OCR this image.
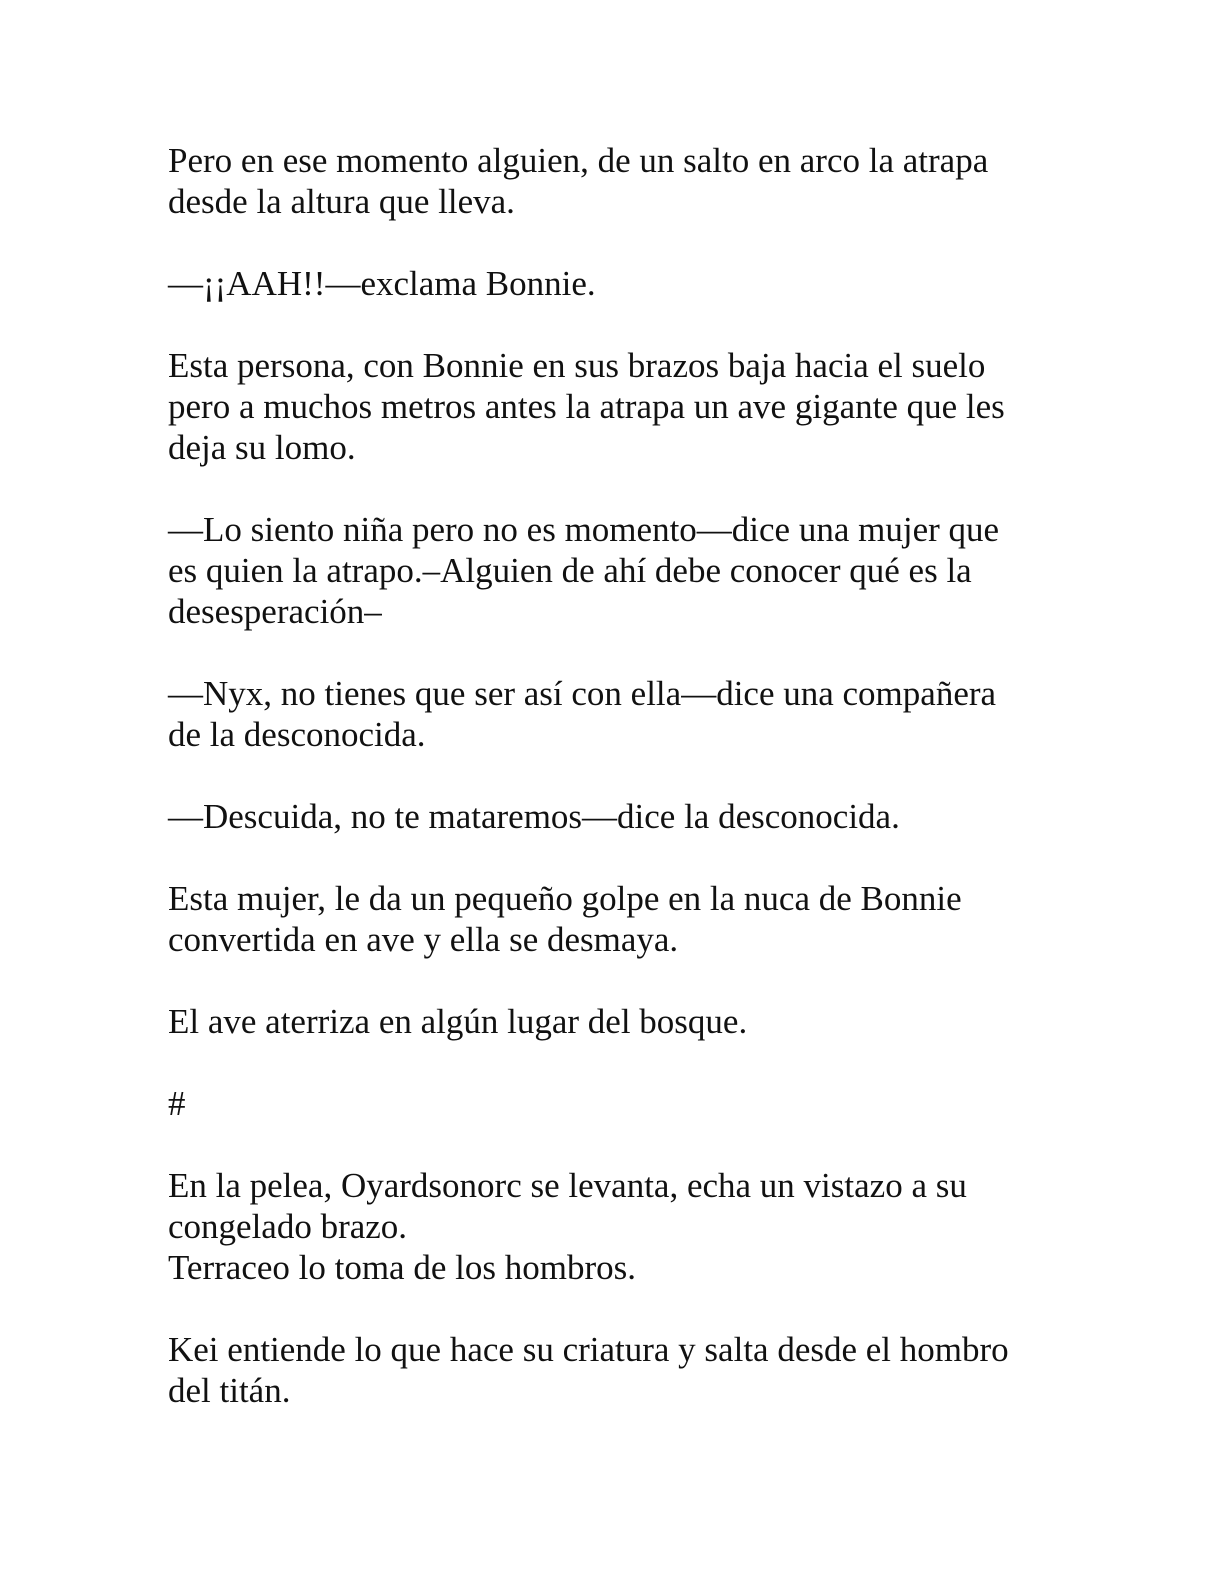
Pero en ese momento alguien, de un salto en arco la atrapa
desde la altura que lleva.

—¡¡AAH!!—exclama Bonnie.

Esta persona, con Bonnie en sus brazos baja hacia el suelo
pero a muchos metros antes la atrapa un ave gigante que les
deja su lomo.

—Lo siento niña pero no es momento—dice una mujer que
es quien la atrapo.–Alguien de ahí debe conocer qué es la
desesperación–

—Nyx, no tienes que ser así con ella—dice una compañera
de la desconocida.

—Descuida, no te mataremos—dice la desconocida.

Esta mujer, le da un pequeño golpe en la nuca de Bonnie
convertida en ave y ella se desmaya.

El ave aterriza en algún lugar del bosque.

#

En la pelea, Oyardsonorc se levanta, echa un vistazo a su
congelado brazo.
Terraceo lo toma de los hombros.

Kei entiende lo que hace su criatura y salta desde el hombro
del titán.
